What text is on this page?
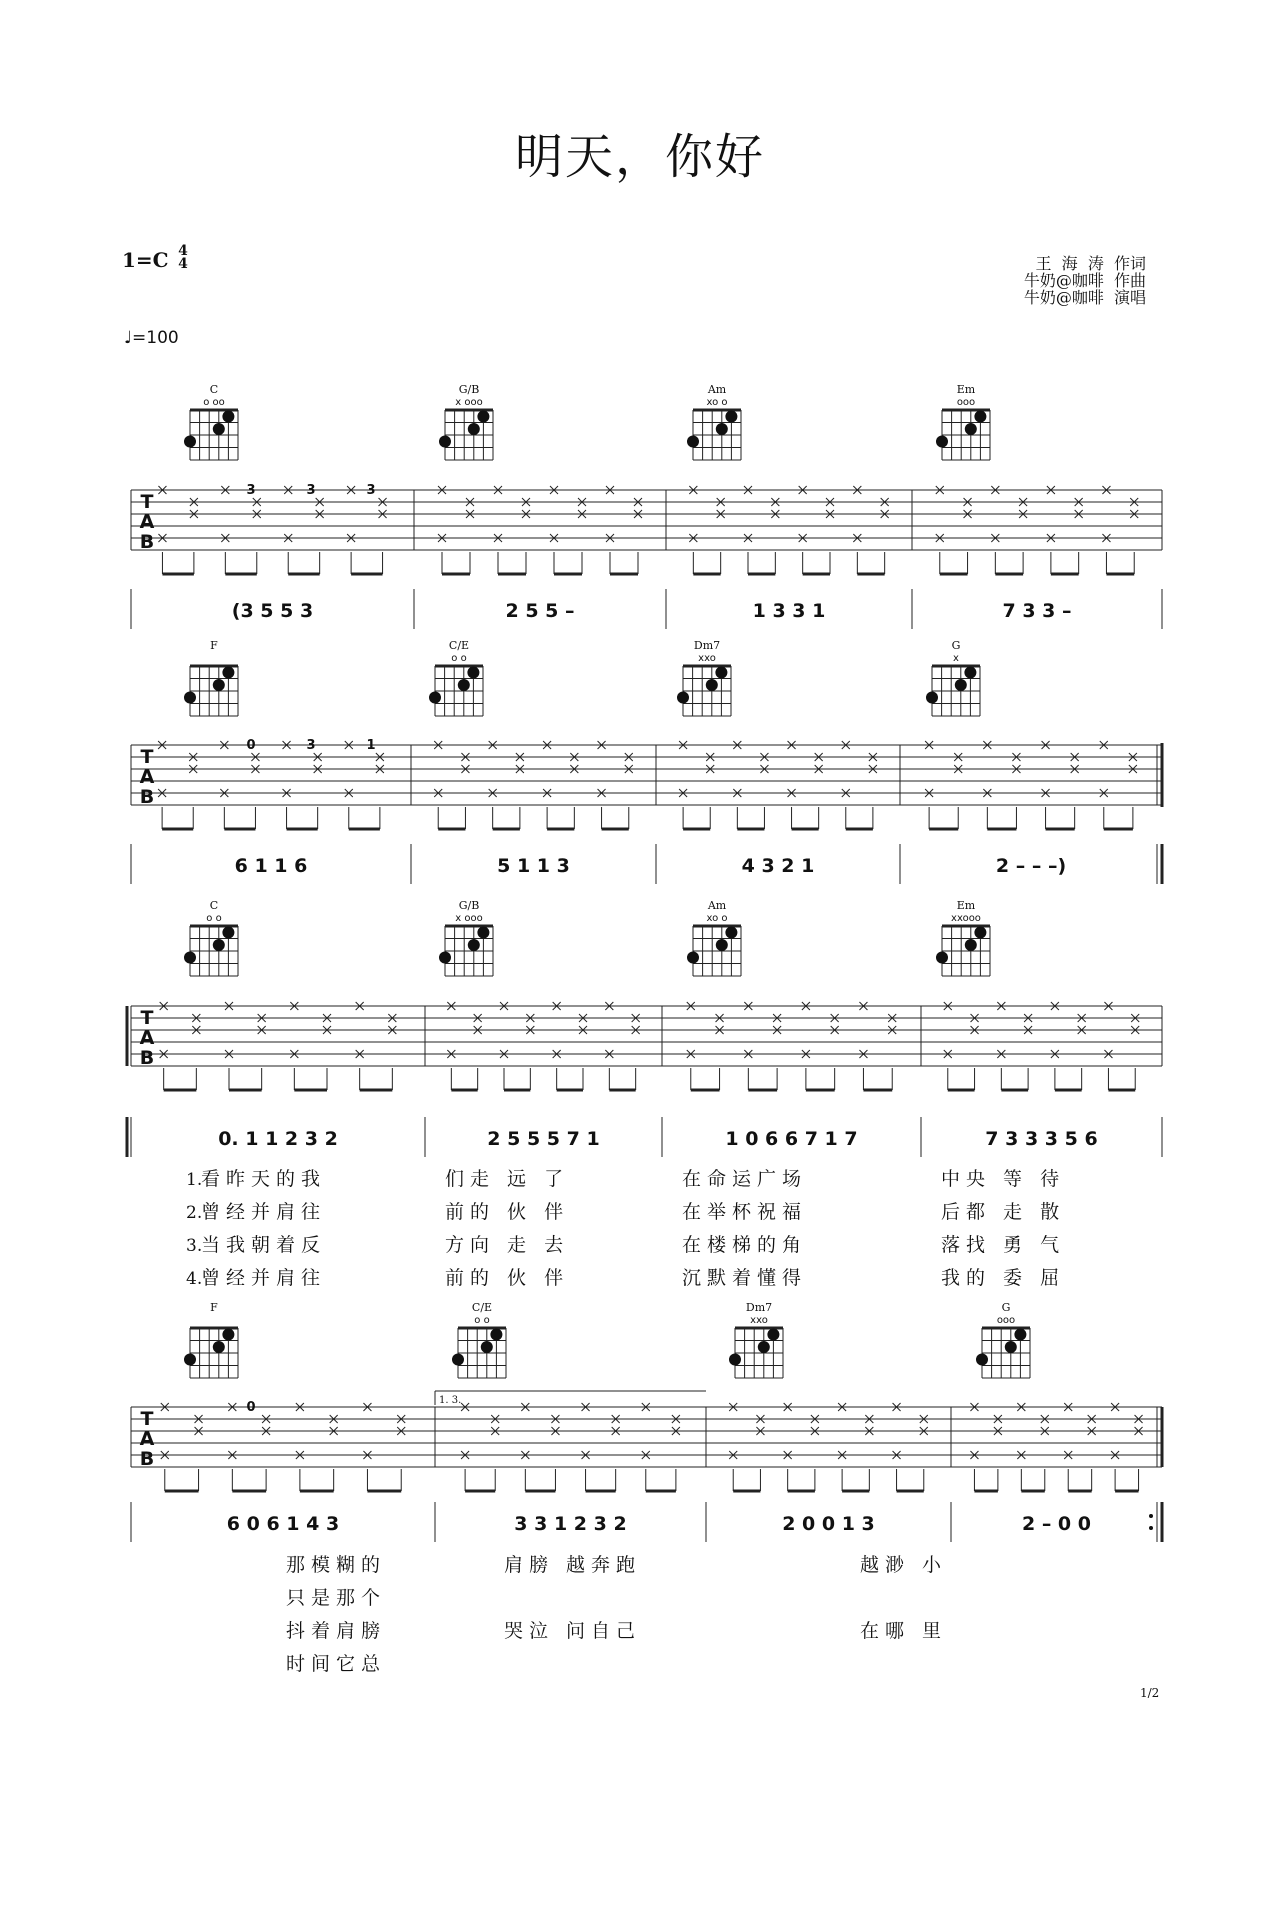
明天，你好
1=C 4
4
♩=100
王  海  涛  作词
牛奶@咖啡  作曲
牛奶@咖啡  演唱
C
o oo
G/B
x ooo
Am
xo o
Em
ooo
T
A
B
(3 5 5 3	2 5 5 –	1 3 3 1	7 3 3 –
3	3	3
F	C/E
o o
Dm7
xxo
G
x
T
A
B
6 1 1 6	5 1 1 3	4 3 2 1	2 – – –)
0	3	1
C
o o
G/B
x ooo
Am
xo o
Em
xxooo
T
A
B
0. 1 1 2 3 2	2 5 5 5 7 1	1 0 6 6 7 1 7	7 3 3 3 5 6
1.
看昨天的我	们走 远 了	在命运广场	中央 等 待
2.
曾经并肩往	前的 伙 伴	在举杯祝福	后都 走 散
3.
当我朝着反	方向 走 去	在楼梯的角	落找 勇 气
4.
曾经并肩往	前的 伙 伴	沉默着懂得	我的 委 屈
F	C/E
o o
Dm7
xxo
G
ooo
T
A
B
6 0 6 1 4 3	3 3 1 2 3 2	2 0 0 1 3	2 – 0 0
0	1. 3.
那模糊的	肩膀 越奔跑	越渺 小
只是那个
抖着肩膀	哭泣 问自己	在哪 里
时间它总
1/2
